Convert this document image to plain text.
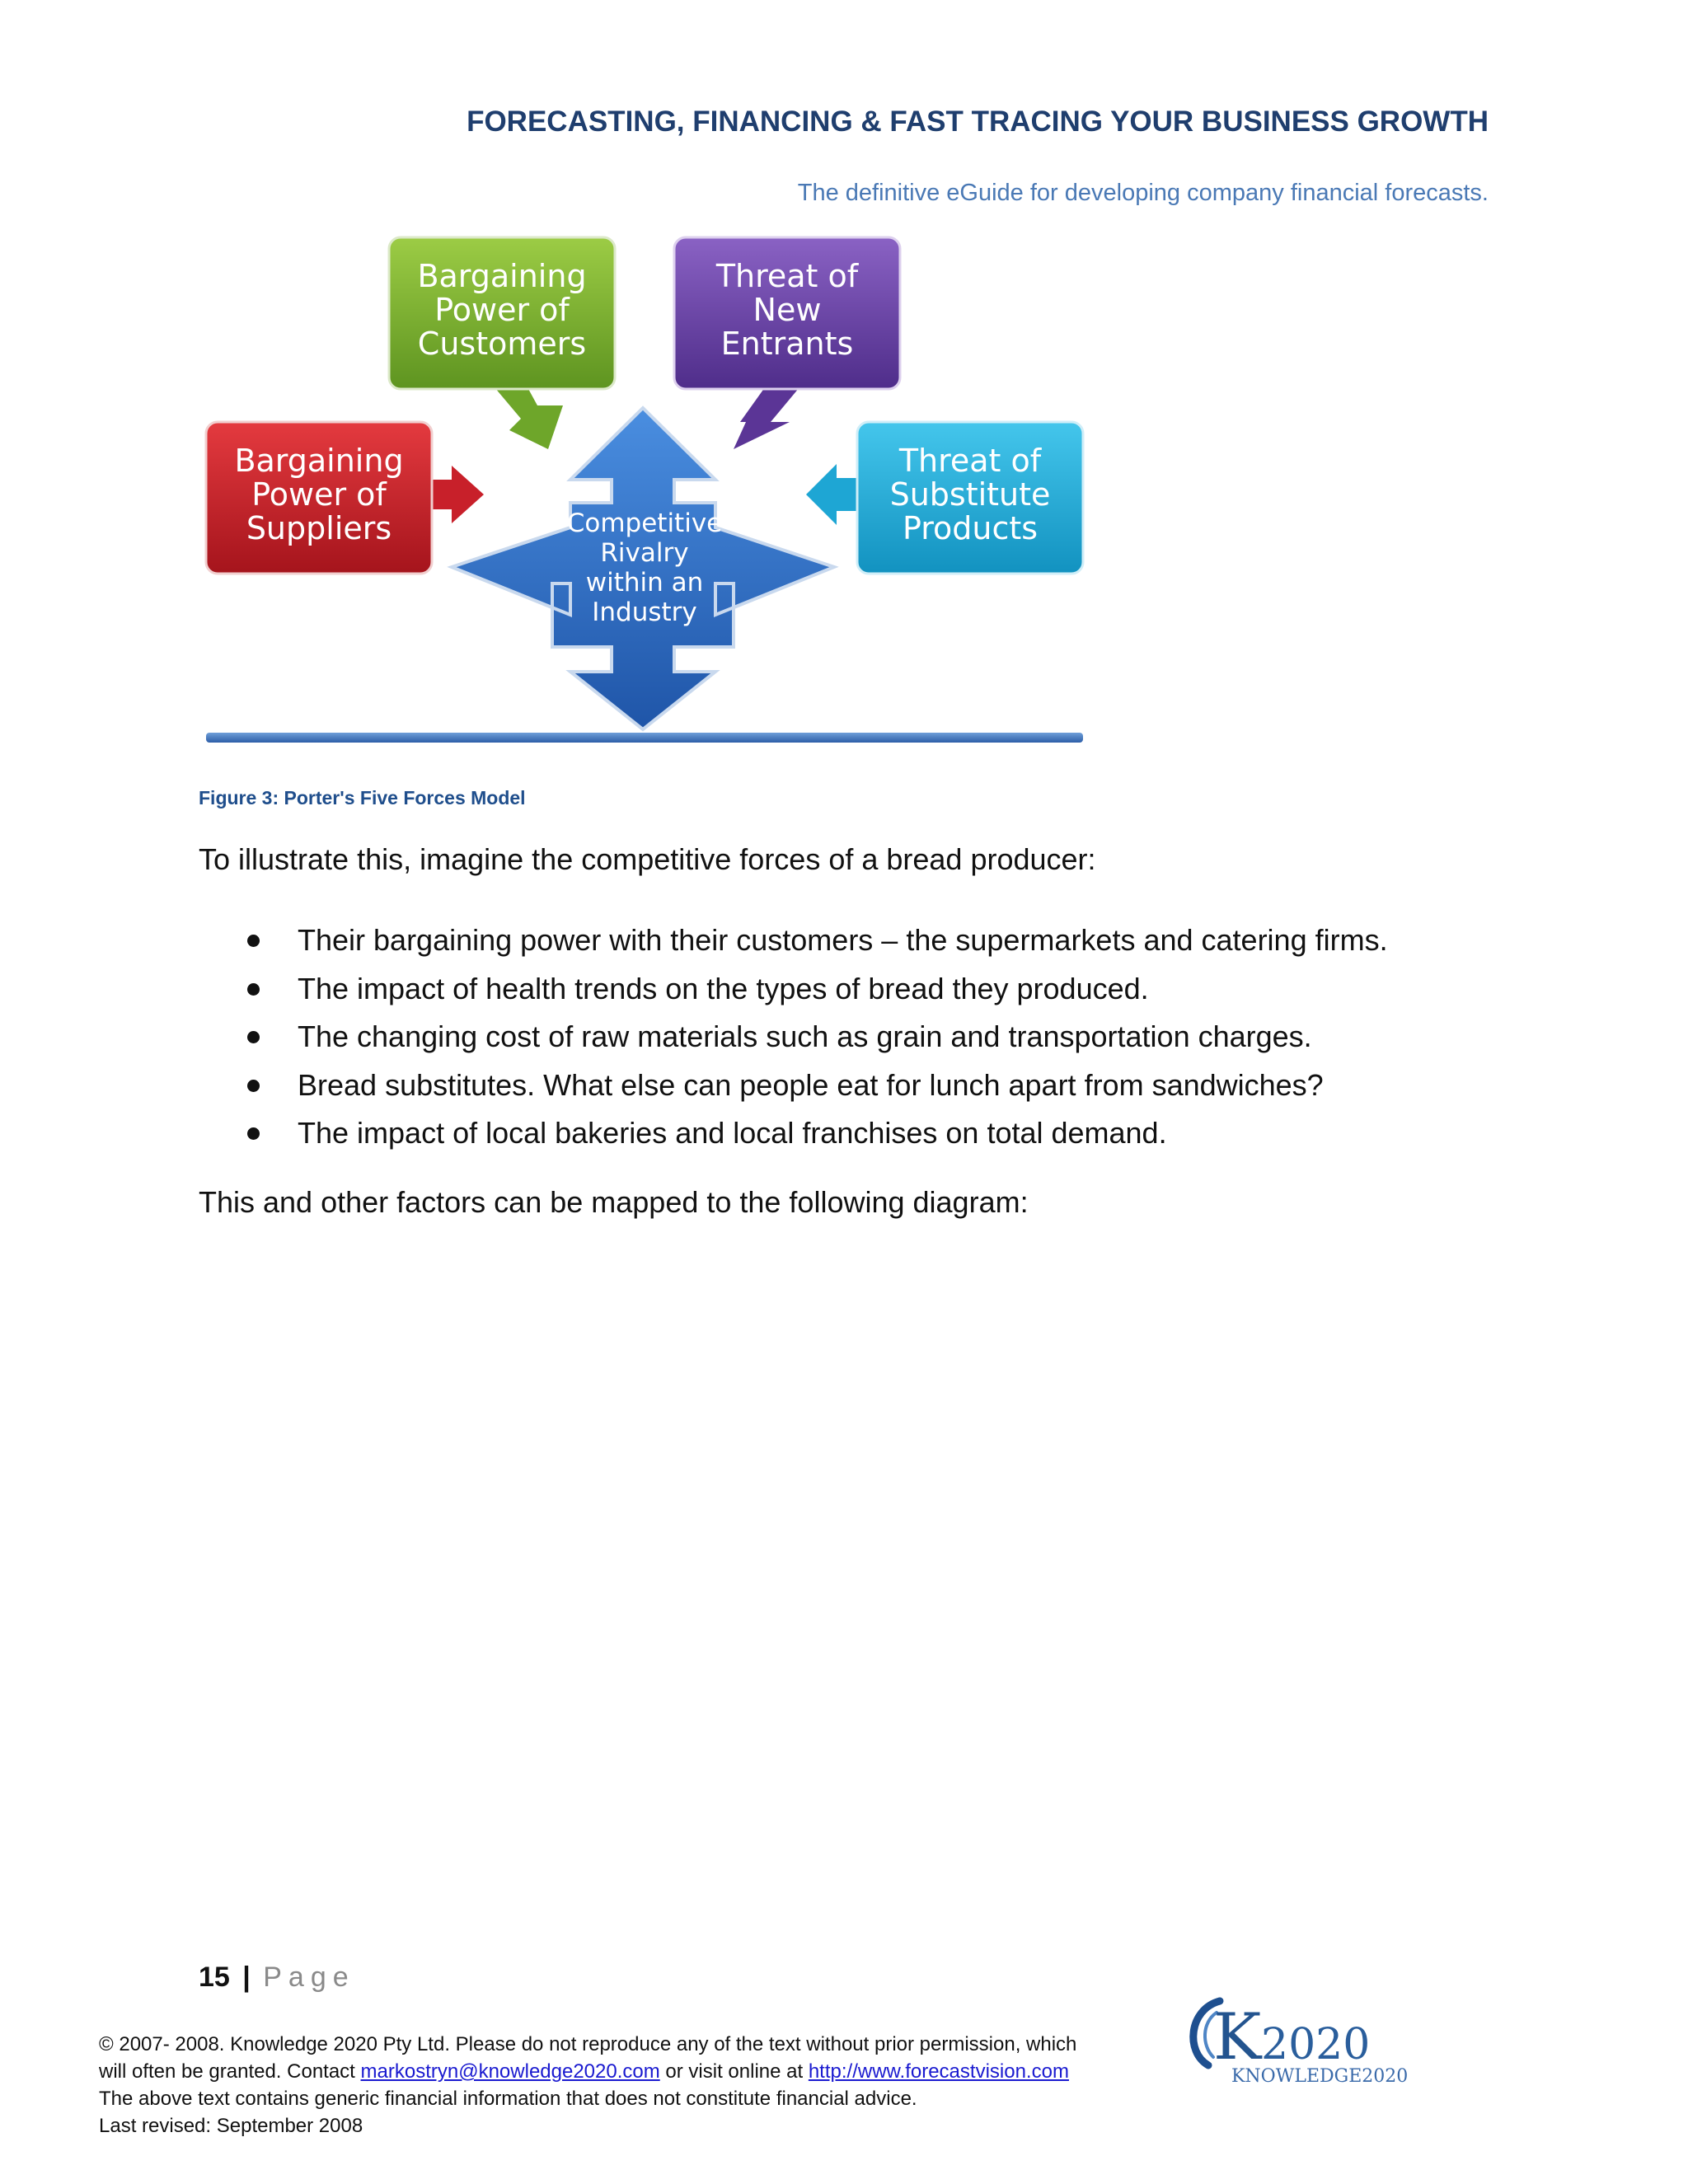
FORECASTING, FINANCING & FAST TRACING YOUR BUSINESS GROWTH

The definitive eGuide for developing company financial forecasts.

Bargaining
Power of
Customers
Threat of
New
Entrants
Bargaining
Power of
Suppliers
Threat of
Substitute
Products
Competitive
Rivalry
within an
Industry

Figure 3: Porter's Five Forces Model

To illustrate this, imagine the competitive forces of a bread producer:

Their bargaining power with their customers – the supermarkets and catering firms.
The impact of health trends on the types of bread they produced.
The changing cost of raw materials such as grain and transportation charges.
Bread substitutes. What else can people eat for lunch apart from sandwiches?
The impact of local bakeries and local franchises on total demand.

This and other factors can be mapped to the following diagram:

15 | Page

© 2007- 2008. Knowledge 2020 Pty Ltd. Please do not reproduce any of the text without prior permission, which

will often be granted. Contact markostryn@knowledge2020.com or visit online at http://www.forecastvision.com

The above text contains generic financial information that does not constitute financial advice.

Last revised: September 2008

K 2020
KNOWLEDGE2020
